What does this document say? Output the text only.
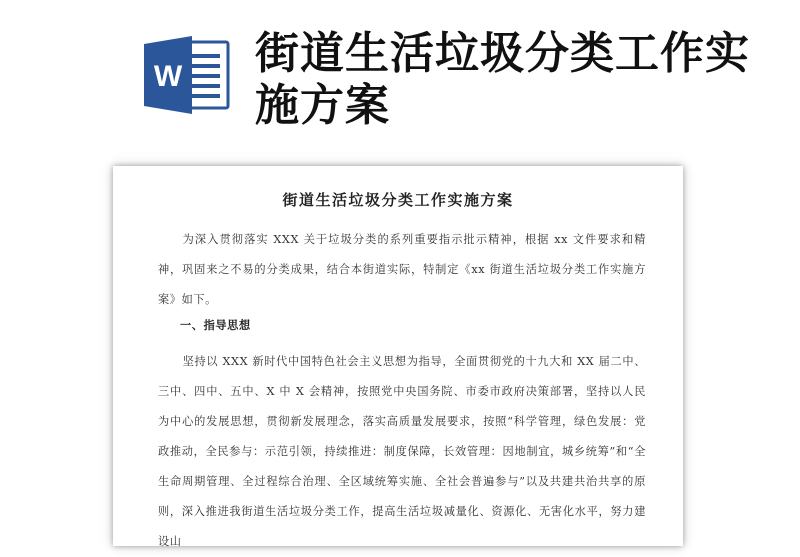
W 街道生活垃圾分类工作实施方案
街道生活垃圾分类工作实施方案
为深入贯彻落实 XXX 关于垃圾分类的系列重要指示批示精神，根据 xx 文件要求和精神，巩固来之不易的分类成果，结合本街道实际，特制定《xx 街道生活垃圾分类工作实施方案》如下。
一、指导思想
坚持以 XXX 新时代中国特色社会主义思想为指导，全面贯彻党的十九大和 XX 届二中、三中、四中、五中、X 中 X 会精神，按照党中央国务院、市委市政府决策部署，坚持以人民为中心的发展思想，贯彻新发展理念，落实高质量发展要求，按照“科学管理，绿色发展：党政推动，全民参与：示范引领，持续推进：制度保障，长效管理：因地制宜，城乡统筹”和“全生命周期管理、全过程综合治理、全区域统筹实施、全社会普遍参与”以及共建共治共享的原则，深入推进我街道生活垃圾分类工作，提高生活垃圾减量化、资源化、无害化水平，努力建设山
